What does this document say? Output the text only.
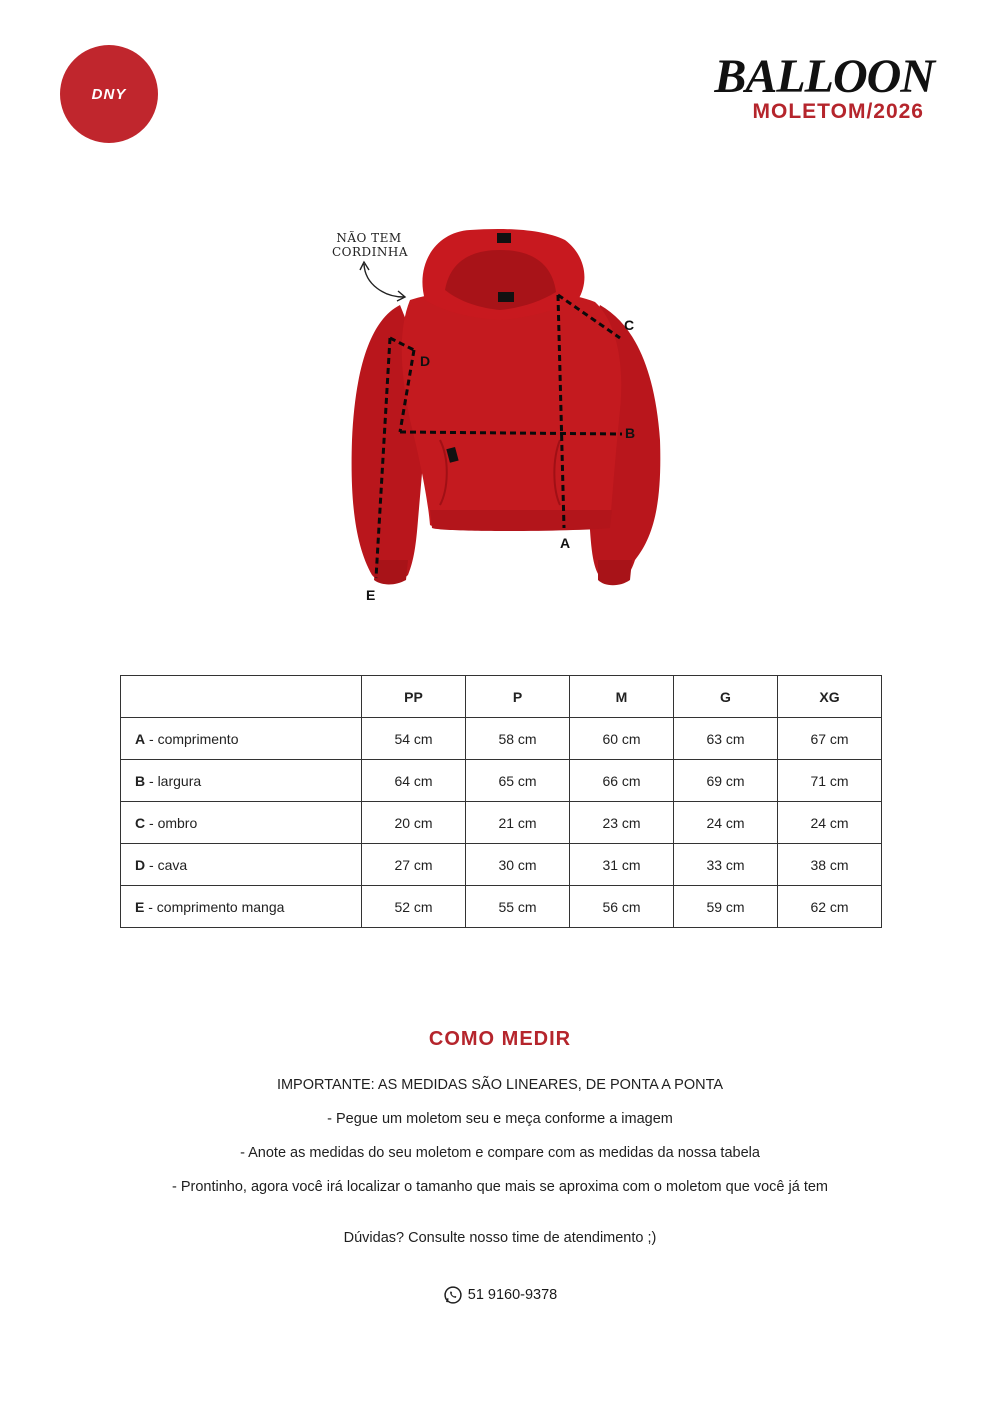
DNY	BALLOON
MOLETOM/2026
NÃO TEM CORDINHA
A
B
C
D
E
	PP	P	M	G	XG
A - comprimento	54 cm	58 cm	60 cm	63 cm	67 cm
B - largura	64 cm	65 cm	66 cm	69 cm	71 cm
C - ombro	20 cm	21 cm	23 cm	24 cm	24 cm
D - cava	27 cm	30 cm	31 cm	33 cm	38 cm
E - comprimento manga	52 cm	55 cm	56 cm	59 cm	62 cm
COMO MEDIR
IMPORTANTE: AS MEDIDAS SÃO LINEARES, DE PONTA A PONTA
- Pegue um moletom seu e meça conforme a imagem
- Anote as medidas do seu moletom e compare com as medidas da nossa tabela
- Prontinho, agora você irá localizar o tamanho que mais se aproxima com o moletom que você já tem
Dúvidas? Consulte nosso time de atendimento ;)
51 9160-9378
